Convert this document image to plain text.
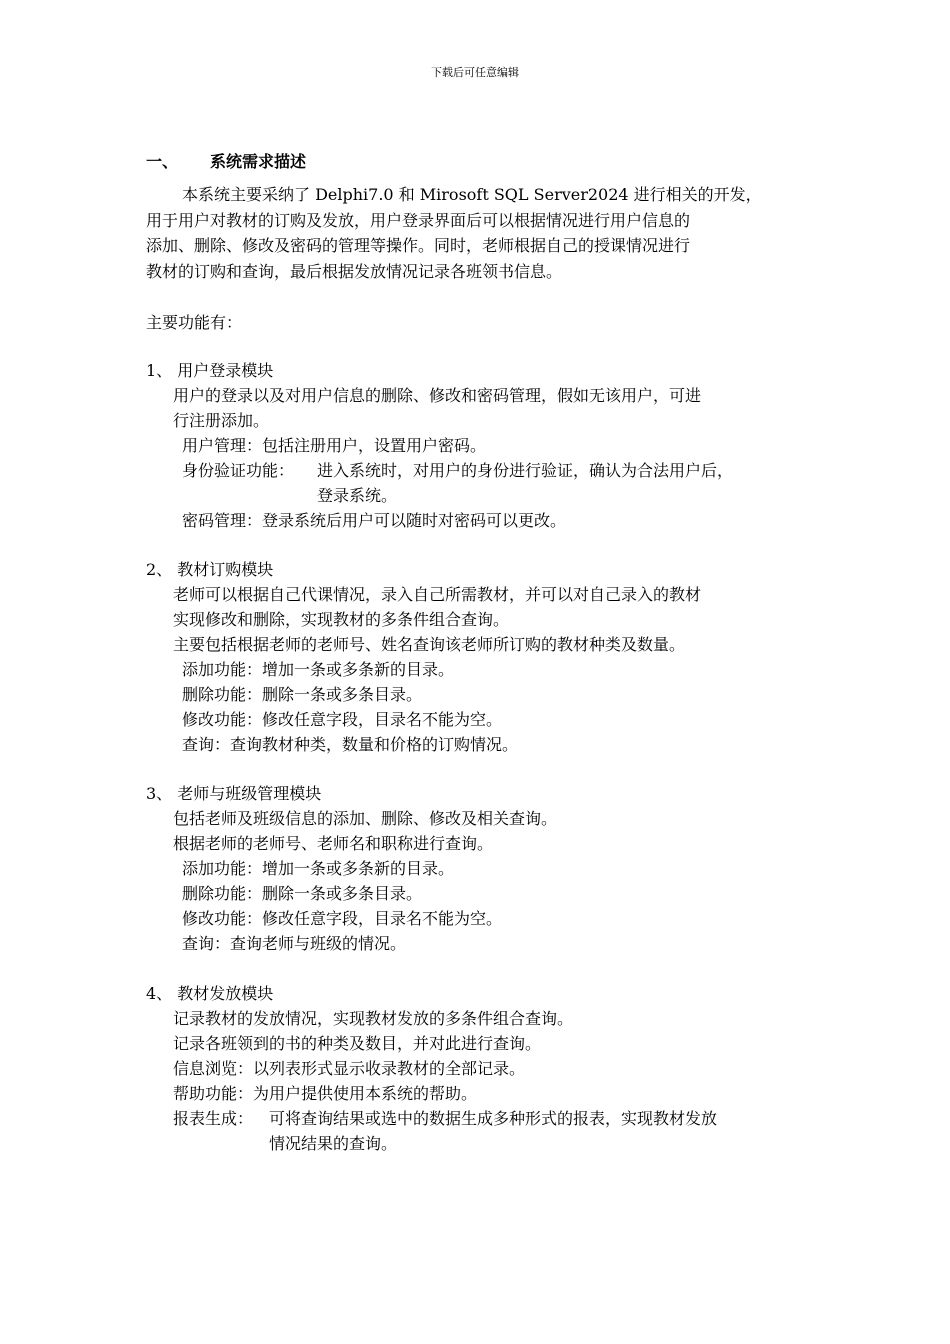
下载后可任意编辑
一、 系统需求描述
本系统主要采纳了 Delphi7.0 和 Mirosoft SQL Server2024 进行相关的开发，
用于用户对教材的订购及发放，用户登录界面后可以根据情况进行用户信息的
添加、删除、修改及密码的管理等操作。同时，老师根据自己的授课情况进行
教材的订购和查询，最后根据发放情况记录各班领书信息。
主要功能有：
1、 用户登录模块
用户的登录以及对用户信息的删除、修改和密码管理，假如无该用户，可进
行注册添加。
用户管理：包括注册用户，设置用户密码。
身份验证功能： 进入系统时，对用户的身份进行验证，确认为合法用户后，
登录系统。
密码管理：登录系统后用户可以随时对密码可以更改。
2、 教材订购模块
老师可以根据自己代课情况，录入自己所需教材，并可以对自己录入的教材
实现修改和删除，实现教材的多条件组合查询。
主要包括根据老师的老师号、姓名查询该老师所订购的教材种类及数量。
添加功能：增加一条或多条新的目录。
删除功能：删除一条或多条目录。
修改功能：修改任意字段，目录名不能为空。
查询：查询教材种类，数量和价格的订购情况。
3、 老师与班级管理模块
包括老师及班级信息的添加、删除、修改及相关查询。
根据老师的老师号、老师名和职称进行查询。
添加功能：增加一条或多条新的目录。
删除功能：删除一条或多条目录。
修改功能：修改任意字段，目录名不能为空。
查询：查询老师与班级的情况。
4、 教材发放模块
记录教材的发放情况，实现教材发放的多条件组合查询。
记录各班领到的书的种类及数目，并对此进行查询。
信息浏览：以列表形式显示收录教材的全部记录。
帮助功能：为用户提供使用本系统的帮助。
报表生成： 可将查询结果或选中的数据生成多种形式的报表，实现教材发放
情况结果的查询。
